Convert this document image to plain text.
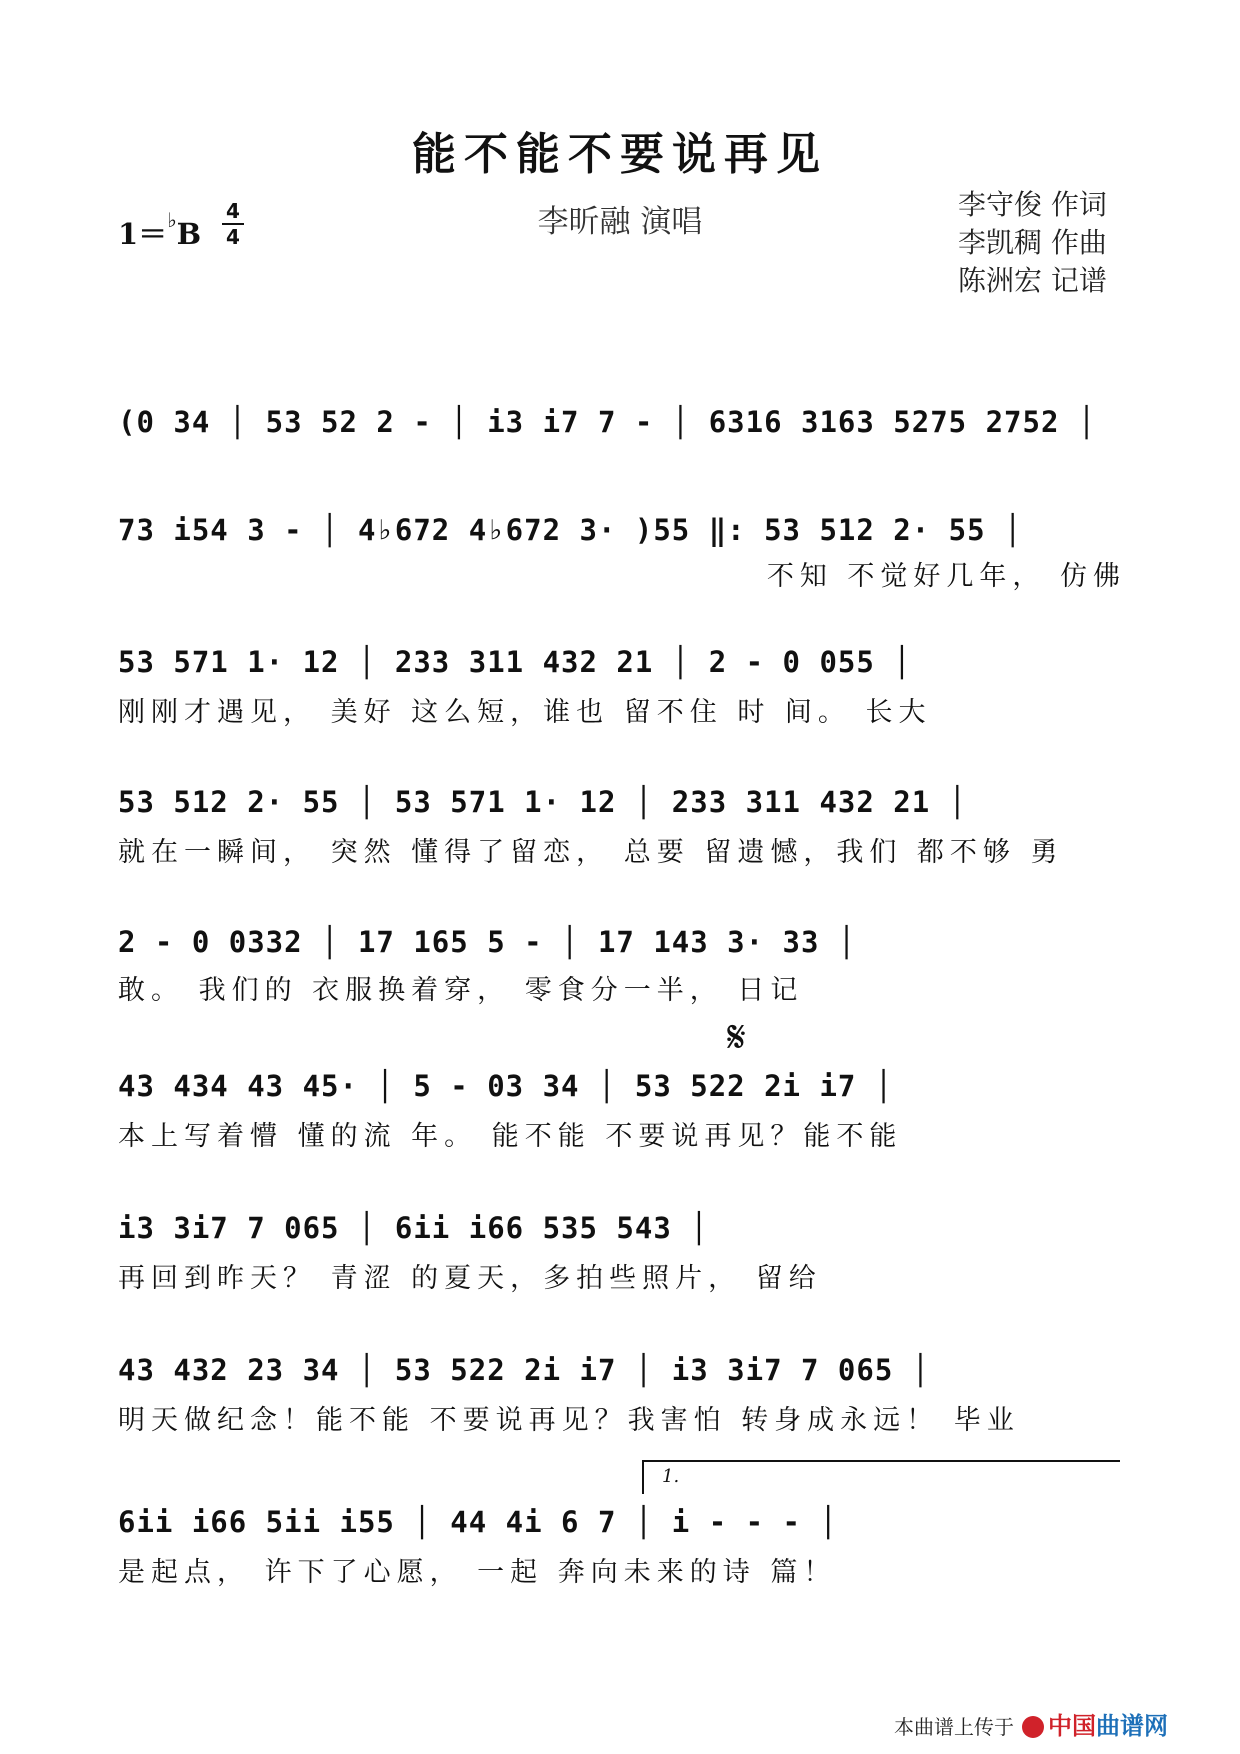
能不能不要说再见
李昕融 演唱	李守俊 作词
李凯稠 作曲
陈洲宏 记谱
1＝♭B
4
4
(0 34 │ 53 52 2 - │ i3 i7 7 - │ 6316 3163 5275 2752 │
73 i54 3 - │ 4♭672 4♭672 3· )55 ‖: 53 512 2· 55 │
不知 不觉好几年， 仿佛
53 571 1· 12 │ 233 311 432 21 │ 2 - 0 055 │
刚刚才遇见， 美好 这么短，谁也 留不住 时 间。 长大
53 512 2· 55 │ 53 571 1· 12 │ 233 311 432 21 │
就在一瞬间， 突然 懂得了留恋， 总要 留遗憾，我们 都不够 勇
2 - 0 0332 │ 17 165 5 - │ 17 143 3· 33 │
敢。 我们的 衣服换着穿， 零食分一半， 日记
𝄋
43 434 43 45· │ 5 - 03 34 │ 53 522 2i i7 │
本上写着懵 懂的流 年。 能不能 不要说再见？能不能
i3 3i7 7 065 │ 6ii i66 535 543 │
再回到昨天？ 青涩 的夏天，多拍些照片， 留给
43 432 23 34 │ 53 522 2i i7 │ i3 3i7 7 065 │
明天做纪念！能不能 不要说再见？我害怕 转身成永远！ 毕业
1.
6ii i66 5ii i55 │ 44 4i 6 7 │ i - - - │
是起点， 许下了心愿， 一起 奔向未来的诗 篇！
本曲谱上传于 中国曲谱网
